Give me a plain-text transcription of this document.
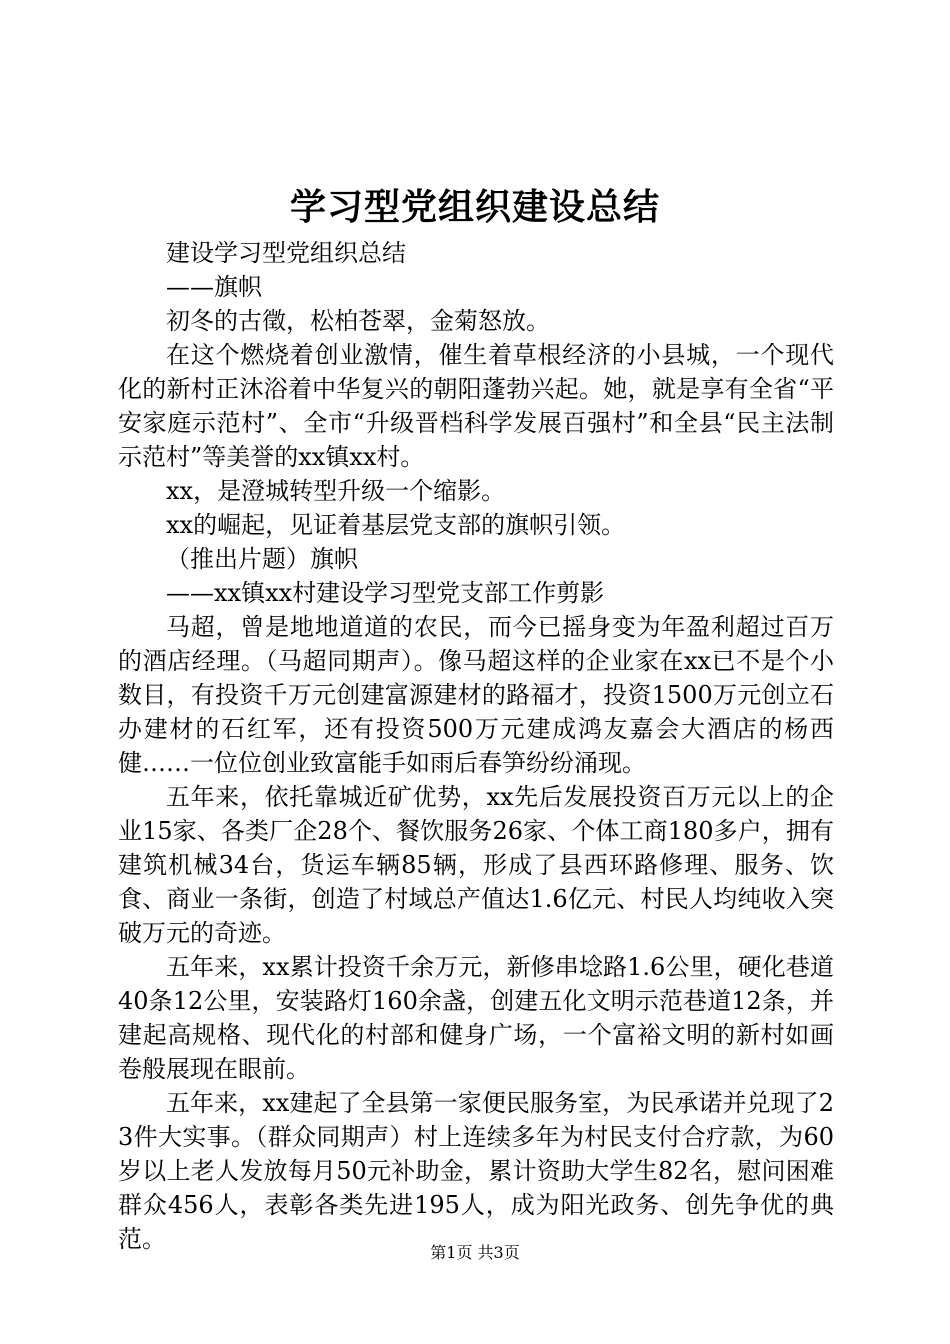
学习型党组织建设总结

建设学习型党组织总结

——旗帜

初冬的古徵，松柏苍翠，金菊怒放。

在这个燃烧着创业激情，催生着草根经济的小县城，一个现代化的新村正沐浴着中华复兴的朝阳蓬勃兴起。她，就是享有全省“平安家庭示范村”、全市“升级晋档科学发展百强村”和全县“民主法制示范村”等美誉的xx镇xx村。

xx，是澄城转型升级一个缩影。

xx的崛起，见证着基层党支部的旗帜引领。

（推出片题）旗帜

——xx镇xx村建设学习型党支部工作剪影

马超，曾是地地道道的农民，而今已摇身变为年盈利超过百万的酒店经理。（马超同期声）。像马超这样的企业家在xx已不是个小数目，有投资千万元创建富源建材的路福才，投资1500万元创立石办建材的石红军，还有投资500万元建成鸿友嘉会大酒店的杨西健……一位位创业致富能手如雨后春笋纷纷涌现。

五年来，依托靠城近矿优势，xx先后发展投资百万元以上的企业15家、各类厂企28个、餐饮服务26家、个体工商180多户，拥有建筑机械34台，货运车辆85辆，形成了县西环路修理、服务、饮食、商业一条街，创造了村域总产值达1.6亿元、村民人均纯收入突破万元的奇迹。

五年来，xx累计投资千余万元，新修串埝路1.6公里，硬化巷道40条12公里，安装路灯160余盏，创建五化文明示范巷道12条，并建起高规格、现代化的村部和健身广场，一个富裕文明的新村如画卷般展现在眼前。

五年来，xx建起了全县第一家便民服务室，为民承诺并兑现了23件大实事。（群众同期声）村上连续多年为村民支付合疗款，为60岁以上老人发放每月50元补助金，累计资助大学生82名，慰问困难群众456人，表彰各类先进195人，成为阳光政务、创先争优的典范。	第1页 共3页
